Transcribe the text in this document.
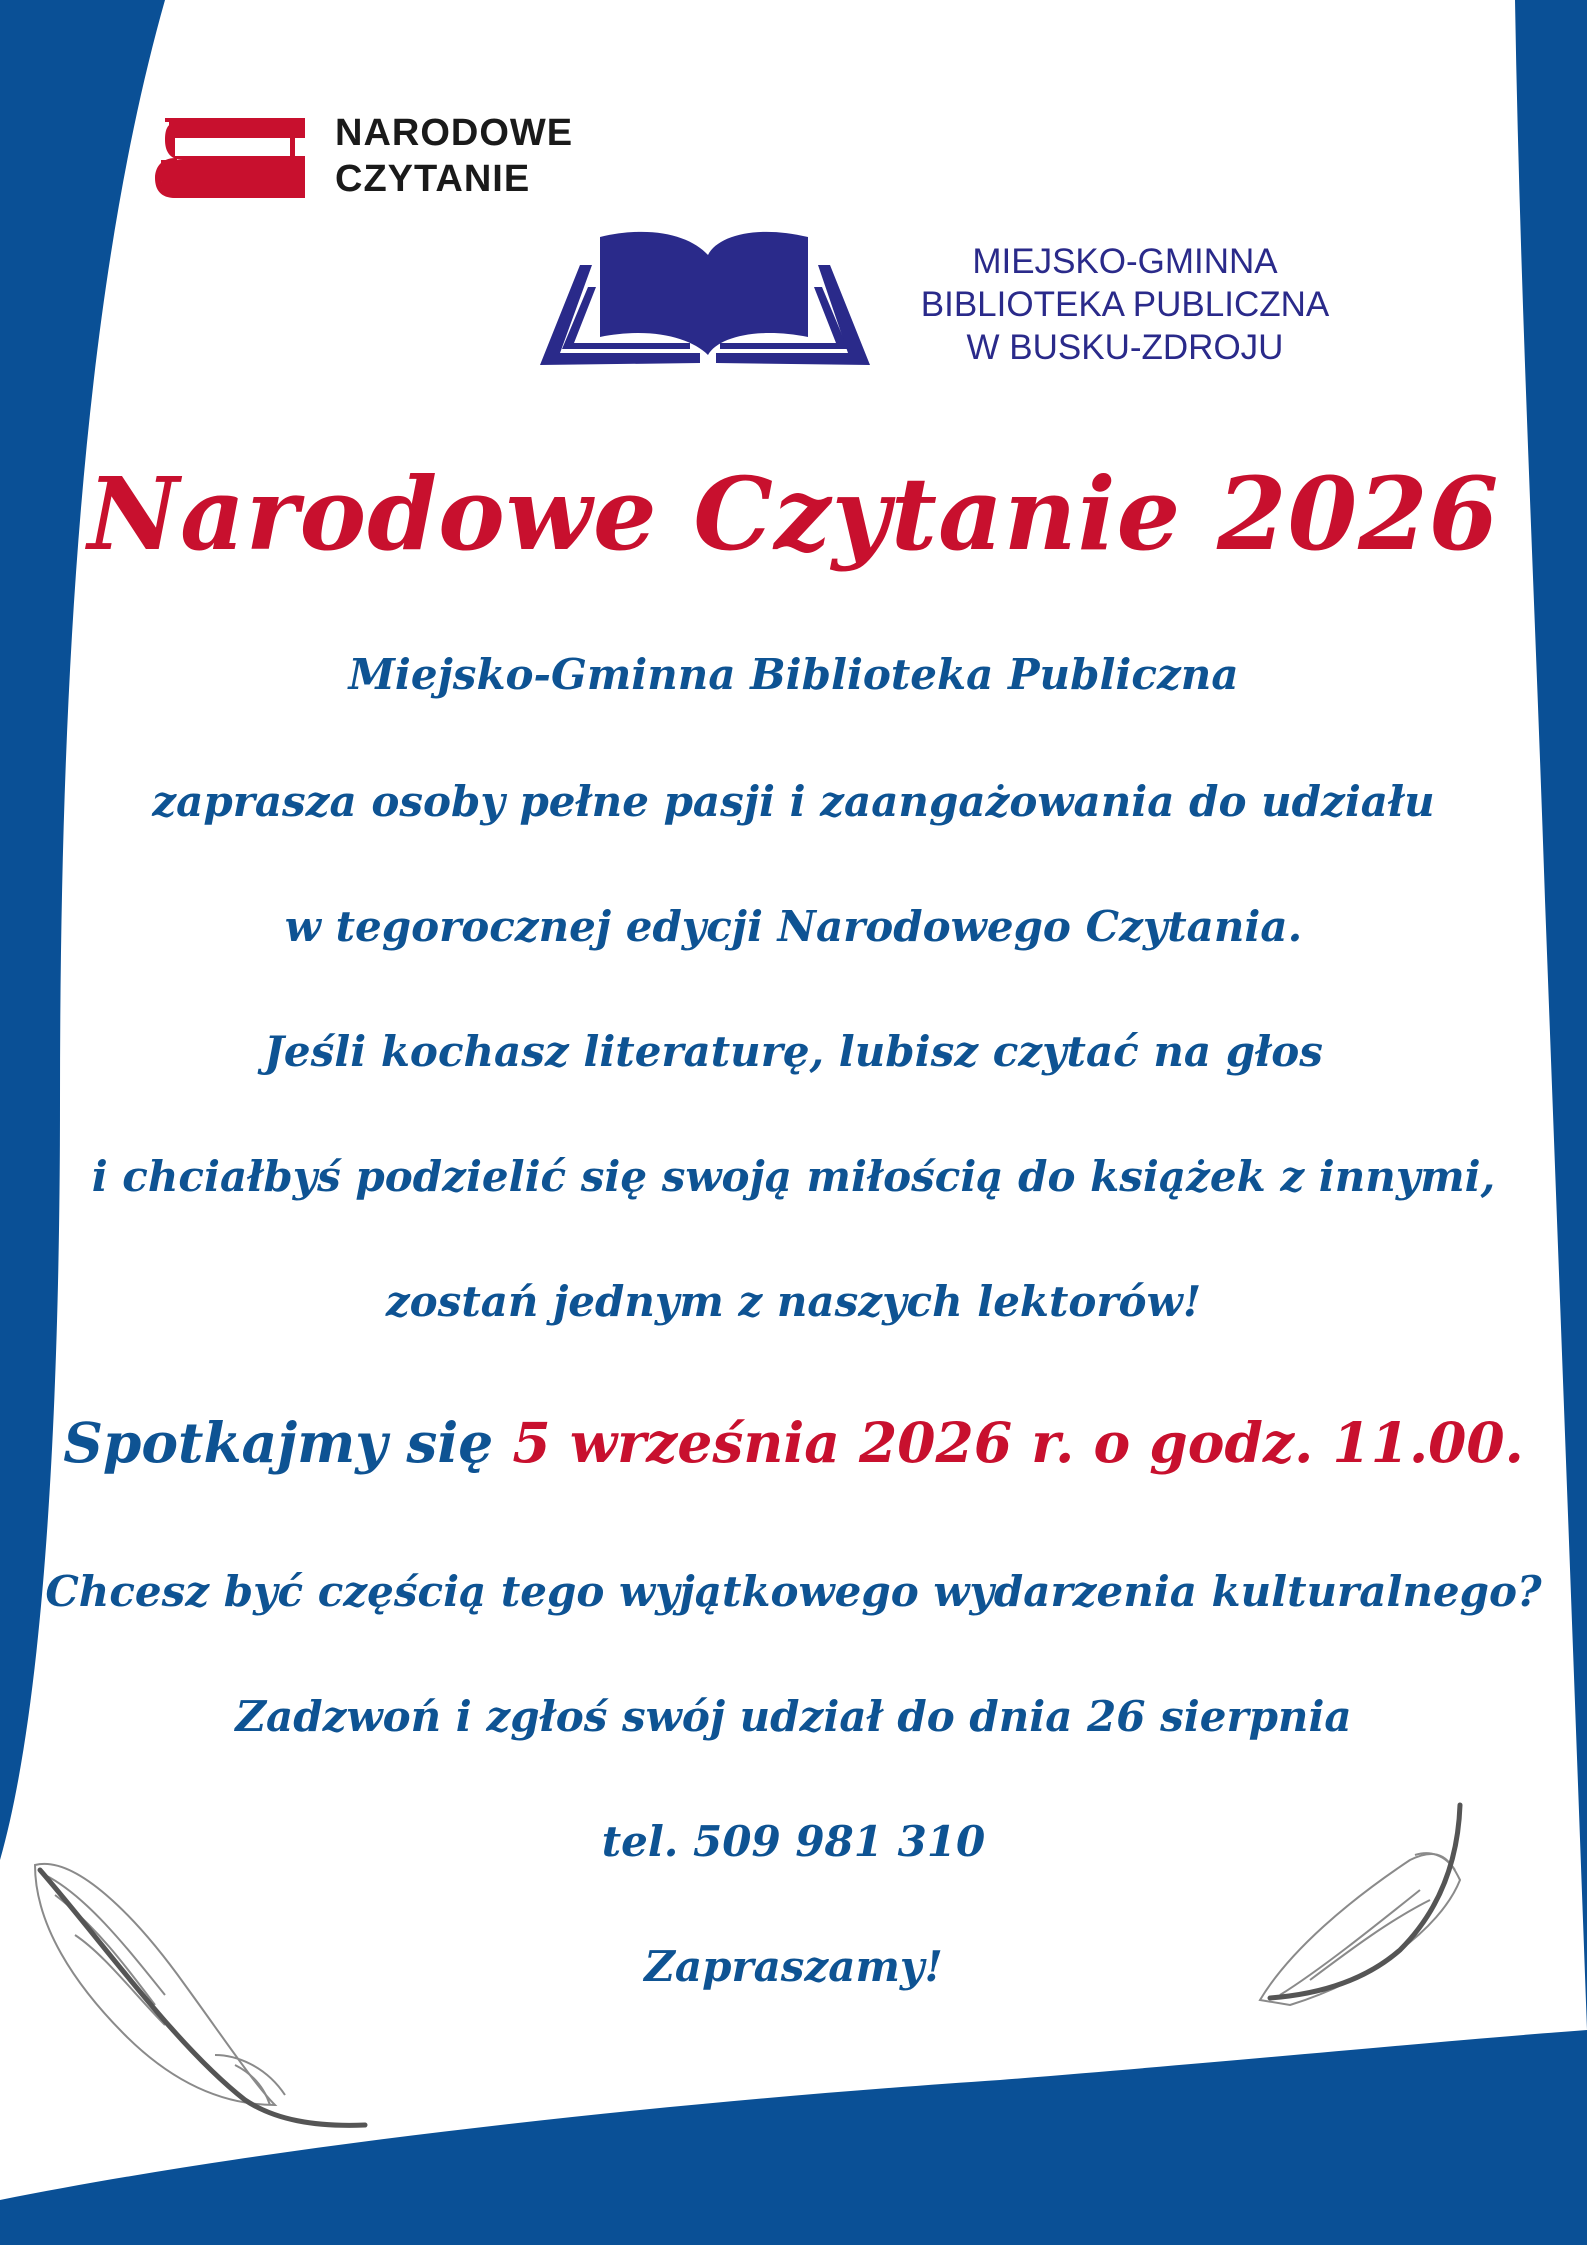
NARODOWE
CZYTANIE
MIEJSKO-GMINNA
BIBLIOTEKA PUBLICZNA
W BUSKU-ZDROJU
Narodowe Czytanie 2026
Miejsko-Gminna Biblioteka Publiczna
zaprasza osoby pełne pasji i zaangażowania do udziału
w tegorocznej edycji Narodowego Czytania.
Jeśli kochasz literaturę, lubisz czytać na głos
i chciałbyś podzielić się swoją miłością do książek z innymi,
zostań jednym z naszych lektorów!
Spotkajmy się 5 września 2026 r. o godz. 11.00.
Chcesz być częścią tego wyjątkowego wydarzenia kulturalnego?
Zadzwoń i zgłoś swój udział do dnia 26 sierpnia
tel. 509 981 310
Zapraszamy!
